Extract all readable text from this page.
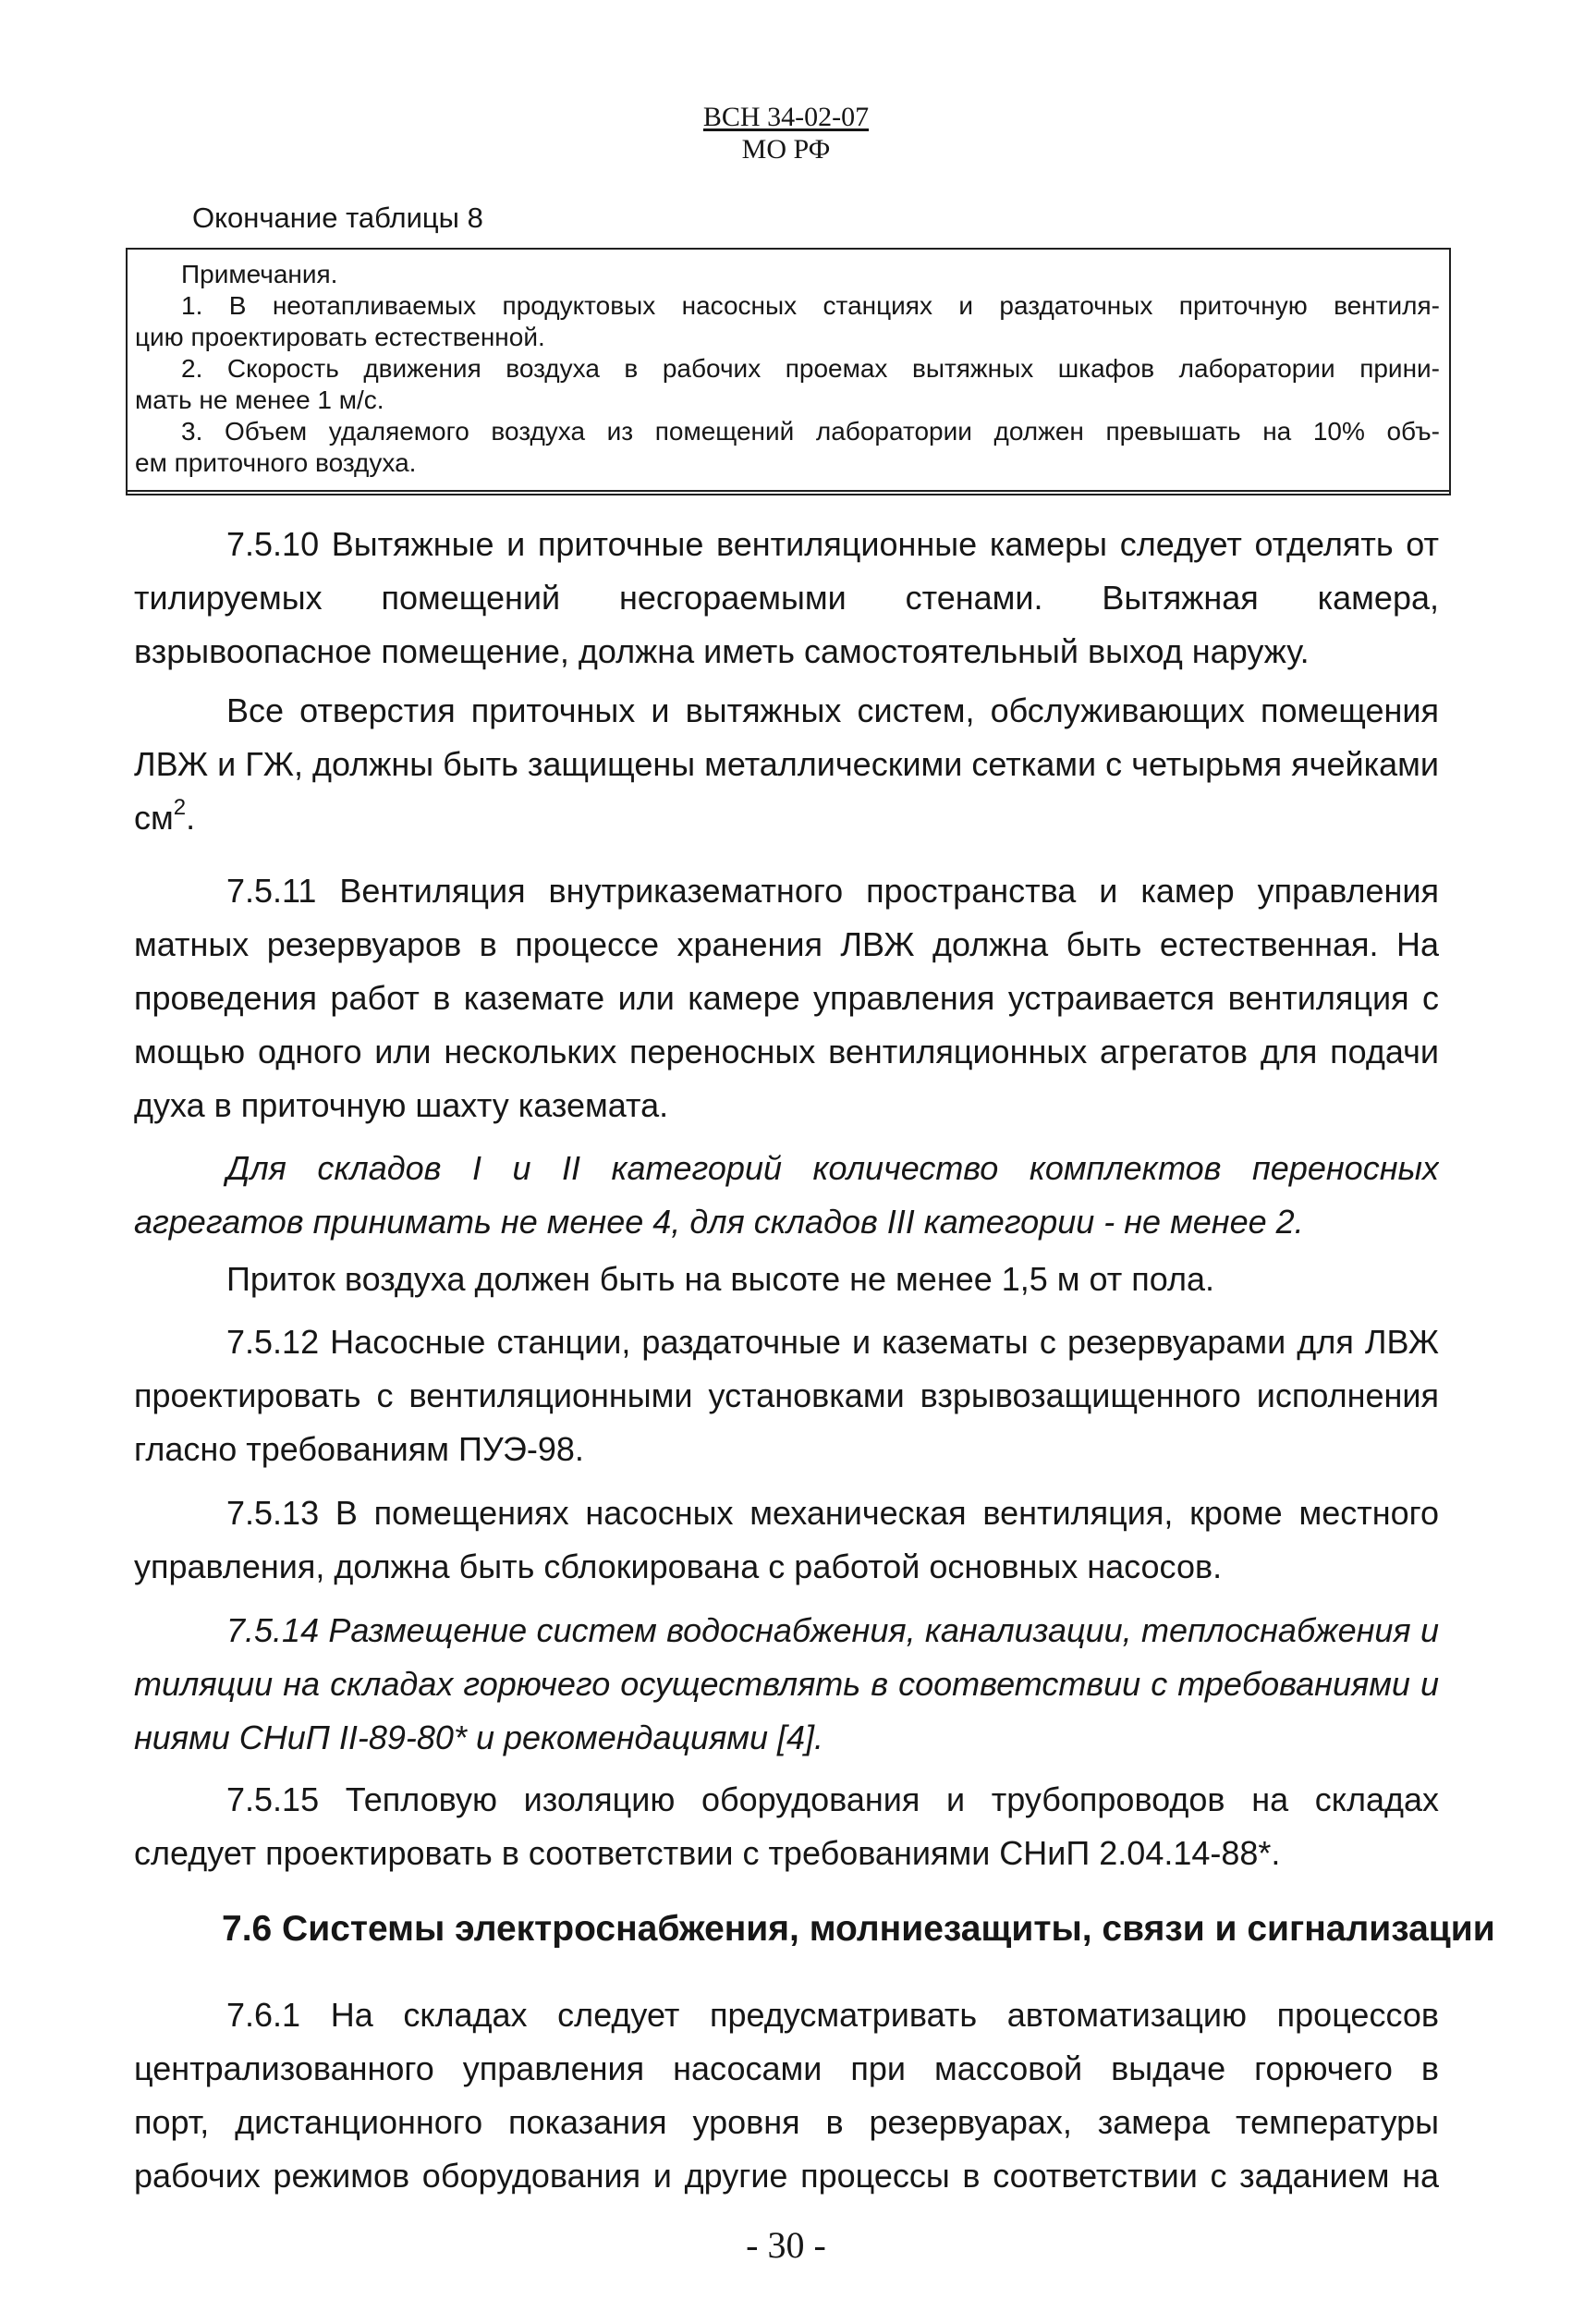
ВСН 34-02-07
МО РФ
Окончание таблицы 8
Примечания.
1. В неотапливаемых продуктовых насосных станциях и раздаточных приточную вентиля-
цию проектировать естественной.
2. Скорость движения воздуха в рабочих проемах вытяжных шкафов лаборатории прини-
мать не менее 1 м/с.
3. Объем удаляемого воздуха из помещений лаборатории должен превышать на 10% объ-
ем приточного воздуха.
7.5.10 Вытяжные и приточные вентиляционные камеры следует отделять от
тилируемых помещений несгораемыми стенами. Вытяжная камера,
взрывоопасное помещение, должна иметь самостоятельный выход наружу.
Все отверстия приточных и вытяжных систем, обслуживающих помещения
ЛВЖ и ГЖ, должны быть защищены металлическими сетками с четырьмя ячейками
$см^2$.
7.5.11 Вентиляция внутриказематного пространства и камер управления
матных резервуаров в процессе хранения ЛВЖ должна быть естественная. На
проведения работ в каземате или камере управления устраивается вентиляция с
мощью одного или нескольких переносных вентиляционных агрегатов для подачи
духа в приточную шахту каземата.
Для складов I и II категорий количество комплектов переносных
агрегатов принимать не менее 4, для складов III категории - не менее 2.
Приток воздуха должен быть на высоте не менее 1,5 м от пола.
7.5.12 Насосные станции, раздаточные и казематы с резервуарами для ЛВЖ
проектировать с вентиляционными установками взрывозащищенного исполнения
гласно требованиям ПУЭ-98.
7.5.13 В помещениях насосных механическая вентиляция, кроме местного
управления, должна быть сблокирована с работой основных насосов.
7.5.14 Размещение систем водоснабжения, канализации, теплоснабжения и
тиляции на складах горючего осуществлять в соответствии с требованиями и
ниями СНиП II-89-80* и рекомендациями [4].
7.5.15 Тепловую изоляцию оборудования и трубопроводов на складах
следует проектировать в соответствии с требованиями СНиП 2.04.14-88*.
7.6 Системы электроснабжения, молниезащиты, связи и сигнализации
7.6.1 На складах следует предусматривать автоматизацию процессов
централизованного управления насосами при массовой выдаче горючего в
порт, дистанционного показания уровня в резервуарах, замера температуры
рабочих режимов оборудования и другие процессы в соответствии с заданием на
- 30 -
